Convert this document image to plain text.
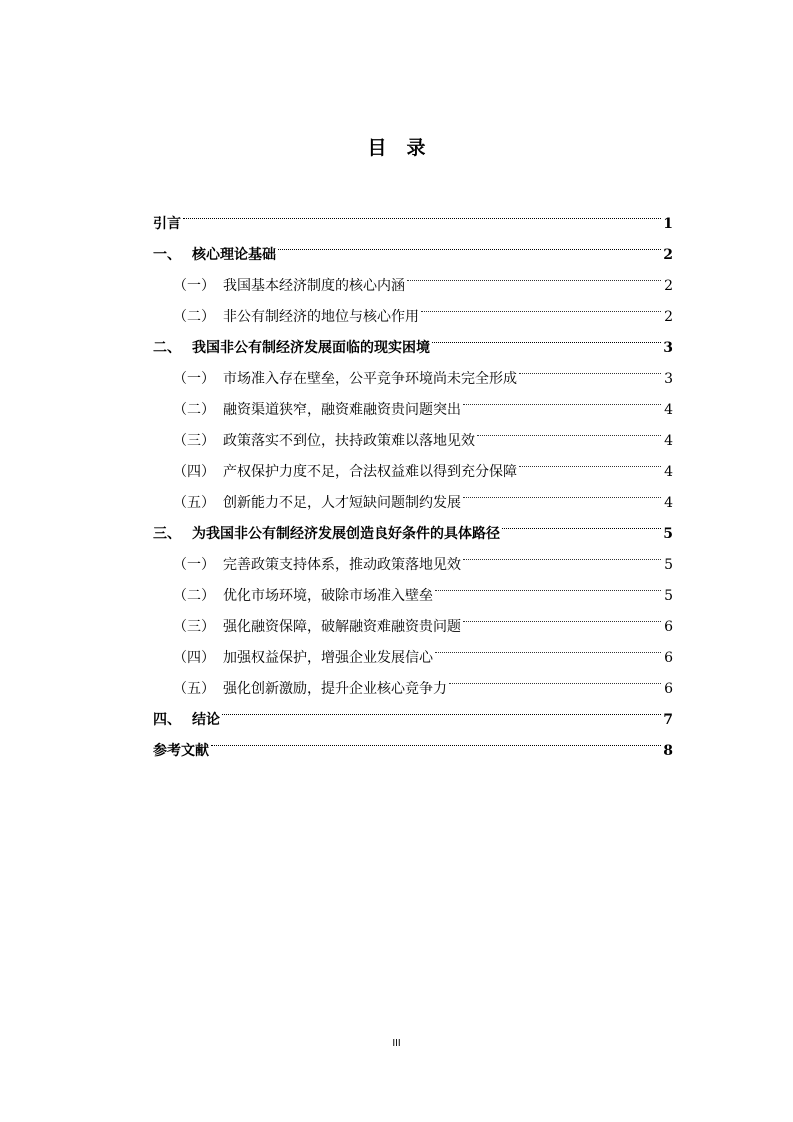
目 录
引言	1
一、 核心理论基础	2
（一） 我国基本经济制度的核心内涵	2
（二） 非公有制经济的地位与核心作用	2
二、 我国非公有制经济发展面临的现实困境	3
（一） 市场准入存在壁垒，公平竞争环境尚未完全形成	3
（二） 融资渠道狭窄，融资难融资贵问题突出	4
（三） 政策落实不到位，扶持政策难以落地见效	4
（四） 产权保护力度不足，合法权益难以得到充分保障	4
（五） 创新能力不足，人才短缺问题制约发展	4
三、 为我国非公有制经济发展创造良好条件的具体路径	5
（一） 完善政策支持体系，推动政策落地见效	5
（二） 优化市场环境，破除市场准入壁垒	5
（三） 强化融资保障，破解融资难融资贵问题	6
（四） 加强权益保护，增强企业发展信心	6
（五） 强化创新激励，提升企业核心竞争力	6
四、 结论	7
参考文献	8
III
